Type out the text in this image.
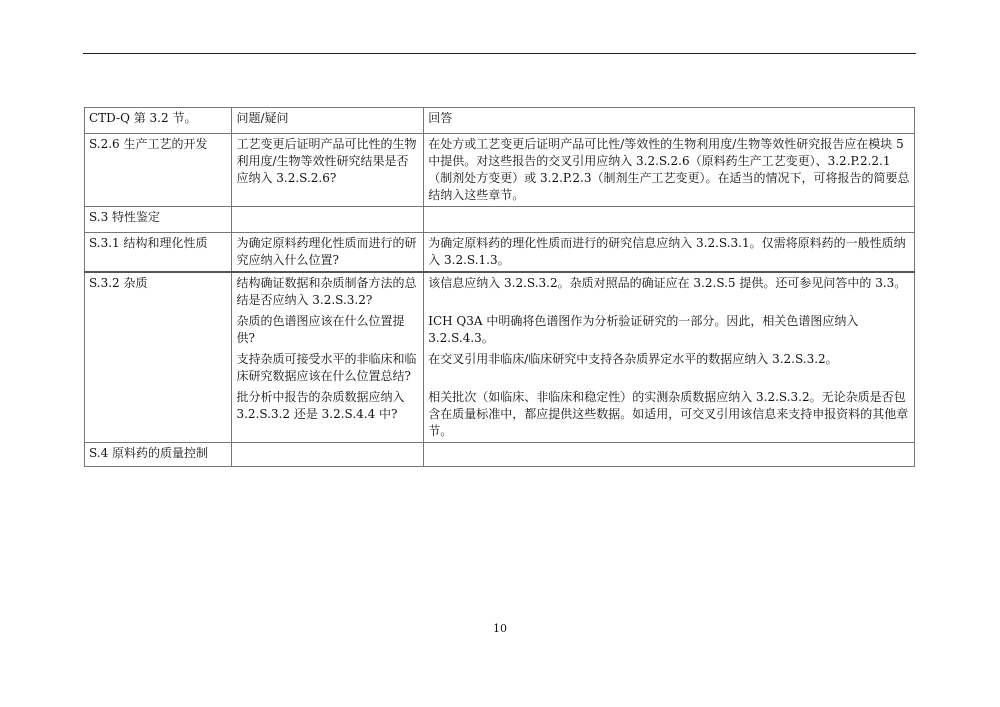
CTD-Q 第 3.2 节。	问题/疑问	回答
S.2.6 生产工艺的开发	工艺变更后证明产品可比性的生物利用度/生物等效性研究结果是否应纳入 3.2.S.2.6?	在处方或工艺变更后证明产品可比性/等效性的生物利用度/生物等效性研究报告应在模块 5 中提供。对这些报告的交叉引用应纳入 3.2.S.2.6（原料药生产工艺变更）、3.2.P.2.2.1（制剂处方变更）或 3.2.P.2.3（制剂生产工艺变更）。在适当的情况下，可将报告的简要总结纳入这些章节。
S.3 特性鉴定		
S.3.1 结构和理化性质	为确定原料药理化性质而进行的研究应纳入什么位置?	为确定原料药的理化性质而进行的研究信息应纳入 3.2.S.3.1。仅需将原料药的一般性质纳入 3.2.S.1.3。
S.3.2 杂质	结构确证数据和杂质制备方法的总结是否应纳入 3.2.S.3.2?	该信息应纳入 3.2.S.3.2。杂质对照品的确证应在 3.2.S.5 提供。还可参见问答中的 3.3。
	杂质的色谱图应该在什么位置提供?	ICH Q3A 中明确将色谱图作为分析验证研究的一部分。因此，相关色谱图应纳入 3.2.S.4.3。
	支持杂质可接受水平的非临床和临床研究数据应该在什么位置总结?	在交叉引用非临床/临床研究中支持各杂质界定水平的数据应纳入 3.2.S.3.2。
	批分析中报告的杂质数据应纳入 3.2.S.3.2 还是 3.2.S.4.4 中?	相关批次（如临床、非临床和稳定性）的实测杂质数据应纳入 3.2.S.3.2。无论杂质是否包含在质量标准中，都应提供这些数据。如适用，可交叉引用该信息来支持申报资料的其他章节。
S.4 原料药的质量控制		
10
